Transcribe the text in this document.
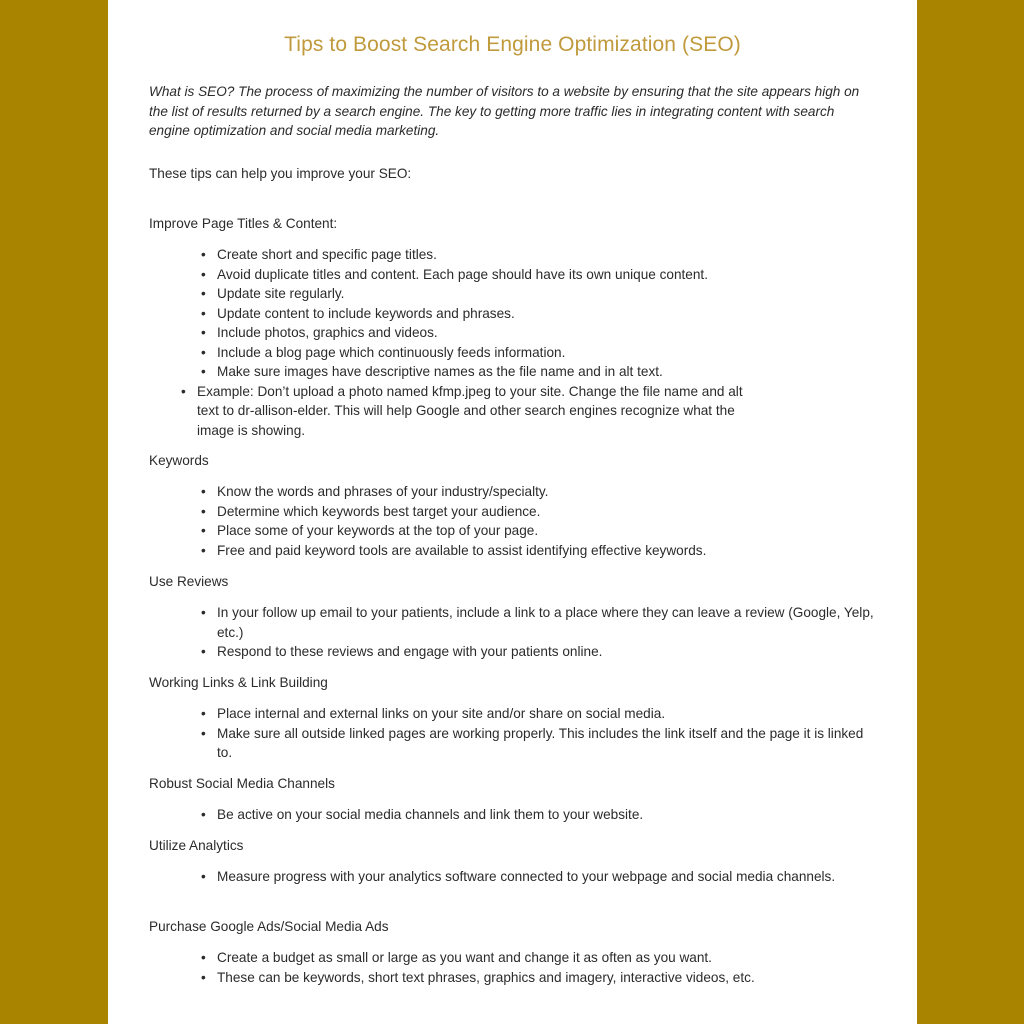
Tips to Boost Search Engine Optimization (SEO)

What is SEO? The process of maximizing the number of visitors to a website by ensuring that the site appears high on the list of results returned by a search engine. The key to getting more traffic lies in integrating content with search engine optimization and social media marketing.

These tips can help you improve your SEO:

Improve Page Titles & Content:
• Create short and specific page titles.
• Avoid duplicate titles and content. Each page should have its own unique content.
• Update site regularly.
• Update content to include keywords and phrases.
• Include photos, graphics and videos.
• Include a blog page which continuously feeds information.
• Make sure images have descriptive names as the file name and in alt text.
• Example: Don’t upload a photo named kfmp.jpeg to your site. Change the file name and alt text to dr-allison-elder. This will help Google and other search engines recognize what the image is showing.
Keywords
• Know the words and phrases of your industry/specialty.
• Determine which keywords best target your audience.
• Place some of your keywords at the top of your page.
• Free and paid keyword tools are available to assist identifying effective keywords.
Use Reviews
• In your follow up email to your patients, include a link to a place where they can leave a review (Google, Yelp, etc.)
• Respond to these reviews and engage with your patients online.
Working Links & Link Building
• Place internal and external links on your site and/or share on social media.
• Make sure all outside linked pages are working properly. This includes the link itself and the page it is linked to.
Robust Social Media Channels
• Be active on your social media channels and link them to your website.
Utilize Analytics
• Measure progress with your analytics software connected to your webpage and social media channels.
Purchase Google Ads/Social Media Ads
• Create a budget as small or large as you want and change it as often as you want.
• These can be keywords, short text phrases, graphics and imagery, interactive videos, etc.
